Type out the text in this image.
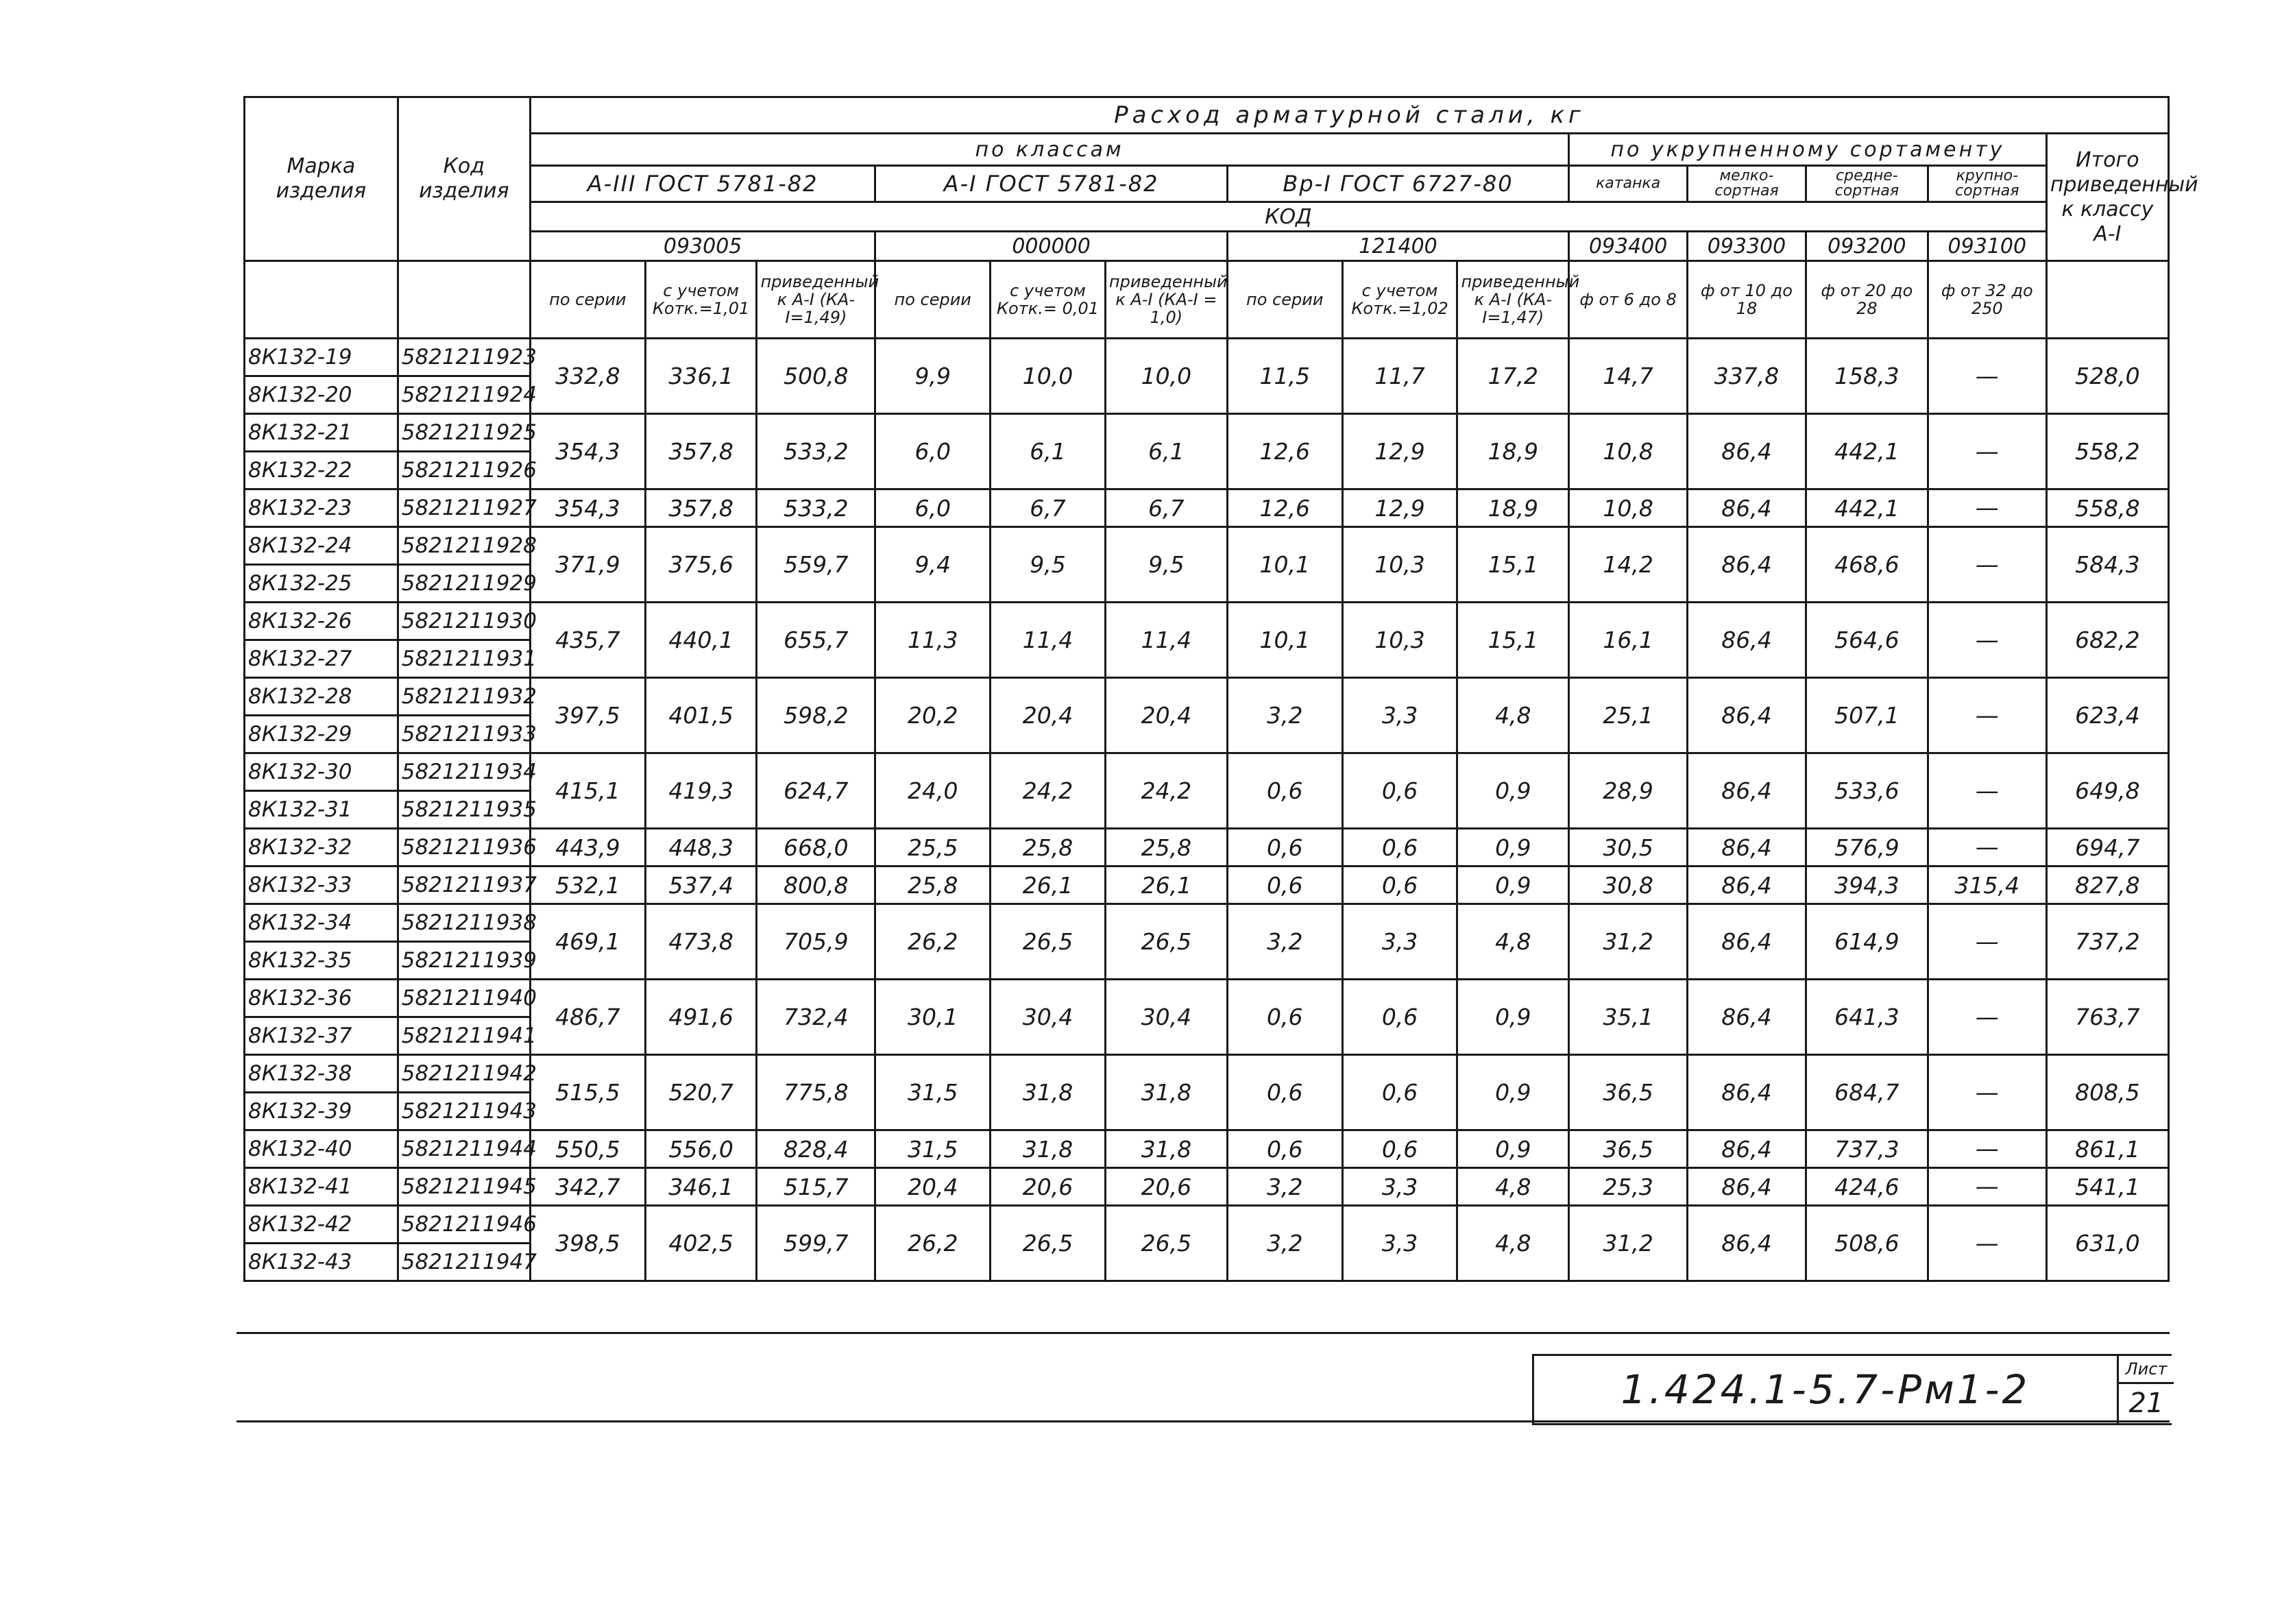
Марка изделия	Код изделия	Расход арматурной стали, кг													
		по классам									по укрупненному сортаменту				Итого приведенный к классу А-I
		А-III ГОСТ 5781-82			А-I ГОСТ 5781-82			Вр-I ГОСТ 6727-80			катанка	мелко-сортная	средне-сортная	крупно-сортная	
		КОД													
		093005			000000			121400			093400	093300	093200	093100	
		по серии	с учетом Котк.=1,01	приведенный к А-I (КА-I=1,49)	по серии	с учетом Котк.= 0,01	приведенный к А-I (КА-I = 1,0)	по серии	с учетом Котк.=1,02	приведенный к А-I (КА-I=1,47)	ф от 6 до 8	ф от 10 до 18	ф от 20 до 28	ф от 32 до 250	
8К132-19	5821211923	332,8	336,1	500,8	9,9	10,0	10,0	11,5	11,7	17,2	14,7	337,8	158,3	—	528,0
8К132-20	5821211924														
8К132-21	5821211925	354,3	357,8	533,2	6,0	6,1	6,1	12,6	12,9	18,9	10,8	86,4	442,1	—	558,2
8К132-22	5821211926														
8К132-23	5821211927	354,3	357,8	533,2	6,0	6,7	6,7	12,6	12,9	18,9	10,8	86,4	442,1	—	558,8
8К132-24	5821211928	371,9	375,6	559,7	9,4	9,5	9,5	10,1	10,3	15,1	14,2	86,4	468,6	—	584,3
8К132-25	5821211929														
8К132-26	5821211930	435,7	440,1	655,7	11,3	11,4	11,4	10,1	10,3	15,1	16,1	86,4	564,6	—	682,2
8К132-27	5821211931														
8К132-28	5821211932	397,5	401,5	598,2	20,2	20,4	20,4	3,2	3,3	4,8	25,1	86,4	507,1	—	623,4
8К132-29	5821211933														
8К132-30	5821211934	415,1	419,3	624,7	24,0	24,2	24,2	0,6	0,6	0,9	28,9	86,4	533,6	—	649,8
8К132-31	5821211935														
8К132-32	5821211936	443,9	448,3	668,0	25,5	25,8	25,8	0,6	0,6	0,9	30,5	86,4	576,9	—	694,7
8К132-33	5821211937	532,1	537,4	800,8	25,8	26,1	26,1	0,6	0,6	0,9	30,8	86,4	394,3	315,4	827,8
8К132-34	5821211938	469,1	473,8	705,9	26,2	26,5	26,5	3,2	3,3	4,8	31,2	86,4	614,9	—	737,2
8К132-35	5821211939														
8К132-36	5821211940	486,7	491,6	732,4	30,1	30,4	30,4	0,6	0,6	0,9	35,1	86,4	641,3	—	763,7
8К132-37	5821211941														
8К132-38	5821211942	515,5	520,7	775,8	31,5	31,8	31,8	0,6	0,6	0,9	36,5	86,4	684,7	—	808,5
8К132-39	5821211943														
8К132-40	5821211944	550,5	556,0	828,4	31,5	31,8	31,8	0,6	0,6	0,9	36,5	86,4	737,3	—	861,1
8К132-41	5821211945	342,7	346,1	515,7	20,4	20,6	20,6	3,2	3,3	4,8	25,3	86,4	424,6	—	541,1
8К132-42	5821211946	398,5	402,5	599,7	26,2	26,5	26,5	3,2	3,3	4,8	31,2	86,4	508,6	—	631,0
8К132-43	5821211947														
1.424.1-5.7-Рм1-2	Лист
21
